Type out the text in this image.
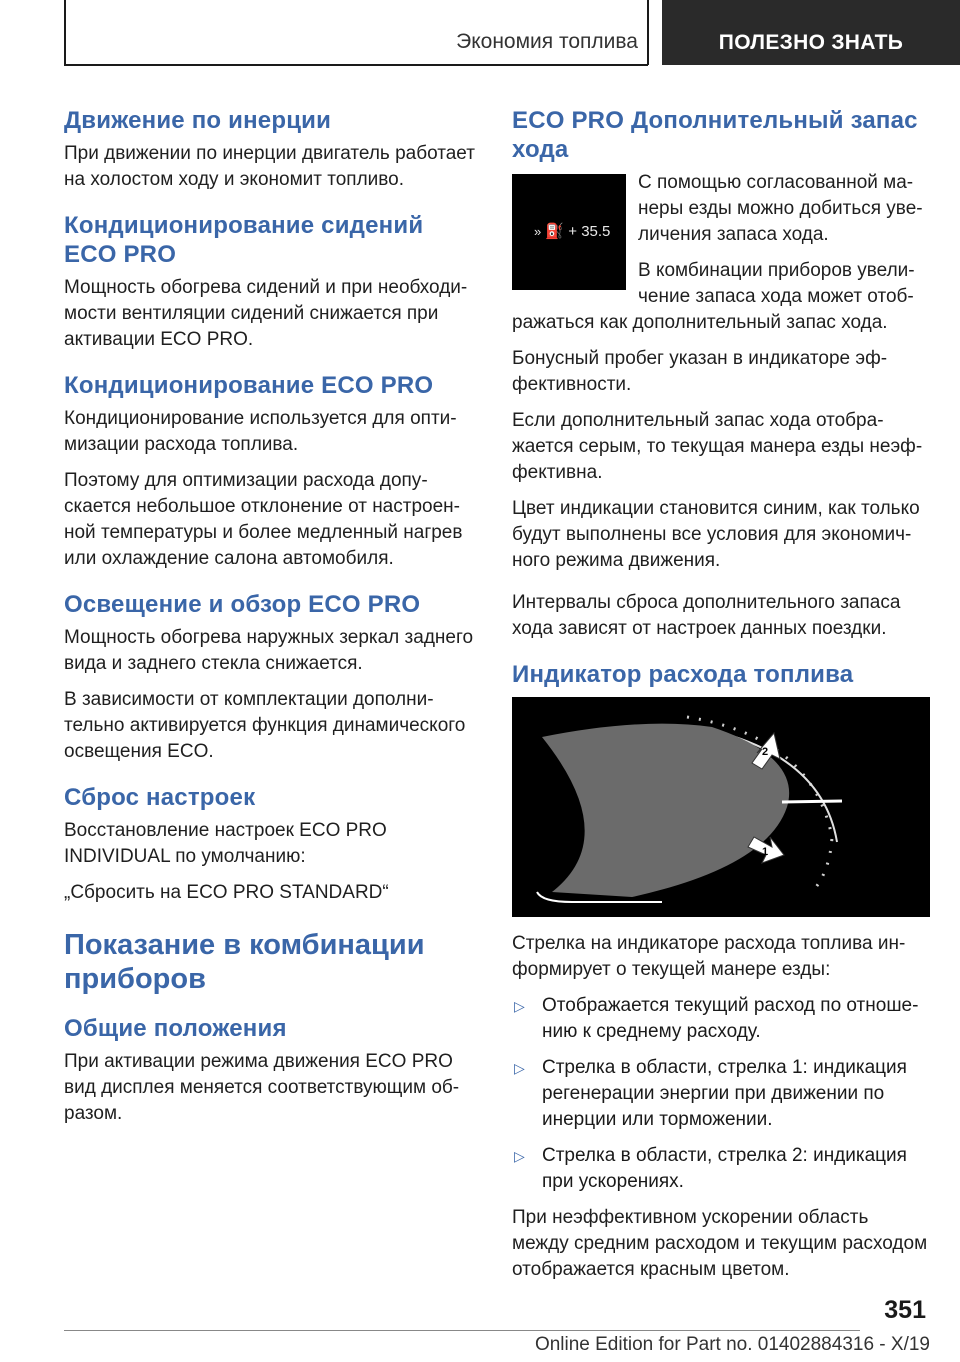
Экономия топлива	ПОЛЕЗНО ЗНАТЬ
Движение по инерции

При движении по инерции двигатель работает на холостом ходу и экономит топливо.

Кондиционирование сидений ECO PRO

Мощность обогрева сидений и при необходимости вентиляции сидений снижается при активации ECO PRO.

Кондиционирование ECO PRO

Кондиционирование используется для оптимизации расхода топлива.

Поэтому для оптимизации расхода допускается небольшое отклонение от настроенной температуры и более медленный нагрев или охлаждение салона автомобиля.

Освещение и обзор ECO PRO

Мощность обогрева наружных зеркал заднего вида и заднего стекла снижается.

В зависимости от комплектации дополнительно активируется функция динамического освещения ECO.

Сброс настроек

Восстановление настроек ECO PRO INDIVIDUAL по умолчанию:

„Сбросить на ECO PRO STANDARD“

Показание в комбинации приборов
Общие положения

При активации режима движения ECO PRO вид дисплея меняется соответствующим образом.

ECO PRO Дополнительный запас хода
» ⛽ + 35.5

С помощью согласованной манеры езды можно добиться увеличения запаса хода.

В комбинации приборов увеличение запаса хода может отображаться как дополнительный запас хода.

Бонусный пробег указан в индикаторе эффективности.

Если дополнительный запас хода отображается серым, то текущая манера езды неэффективна.

Цвет индикации становится синим, как только будут выполнены все условия для экономичного режима движения.

Интервалы сброса дополнительного запаса хода зависят от настроек данных поездки.

Индикатор расхода топлива
2
1

Стрелка на индикаторе расхода топлива информирует о текущей манере езды:

▷ Отображается текущий расход по отношению к среднему расходу.
▷ Стрелка в области, стрелка 1: индикация регенерации энергии при движении по инерции или торможении.
▷ Стрелка в области, стрелка 2: индикация при ускорениях.

При неэффективном ускорении область между средним расходом и текущим расходом отображается красным цветом.

351
Online Edition for Part no. 01402884316 - X/19
